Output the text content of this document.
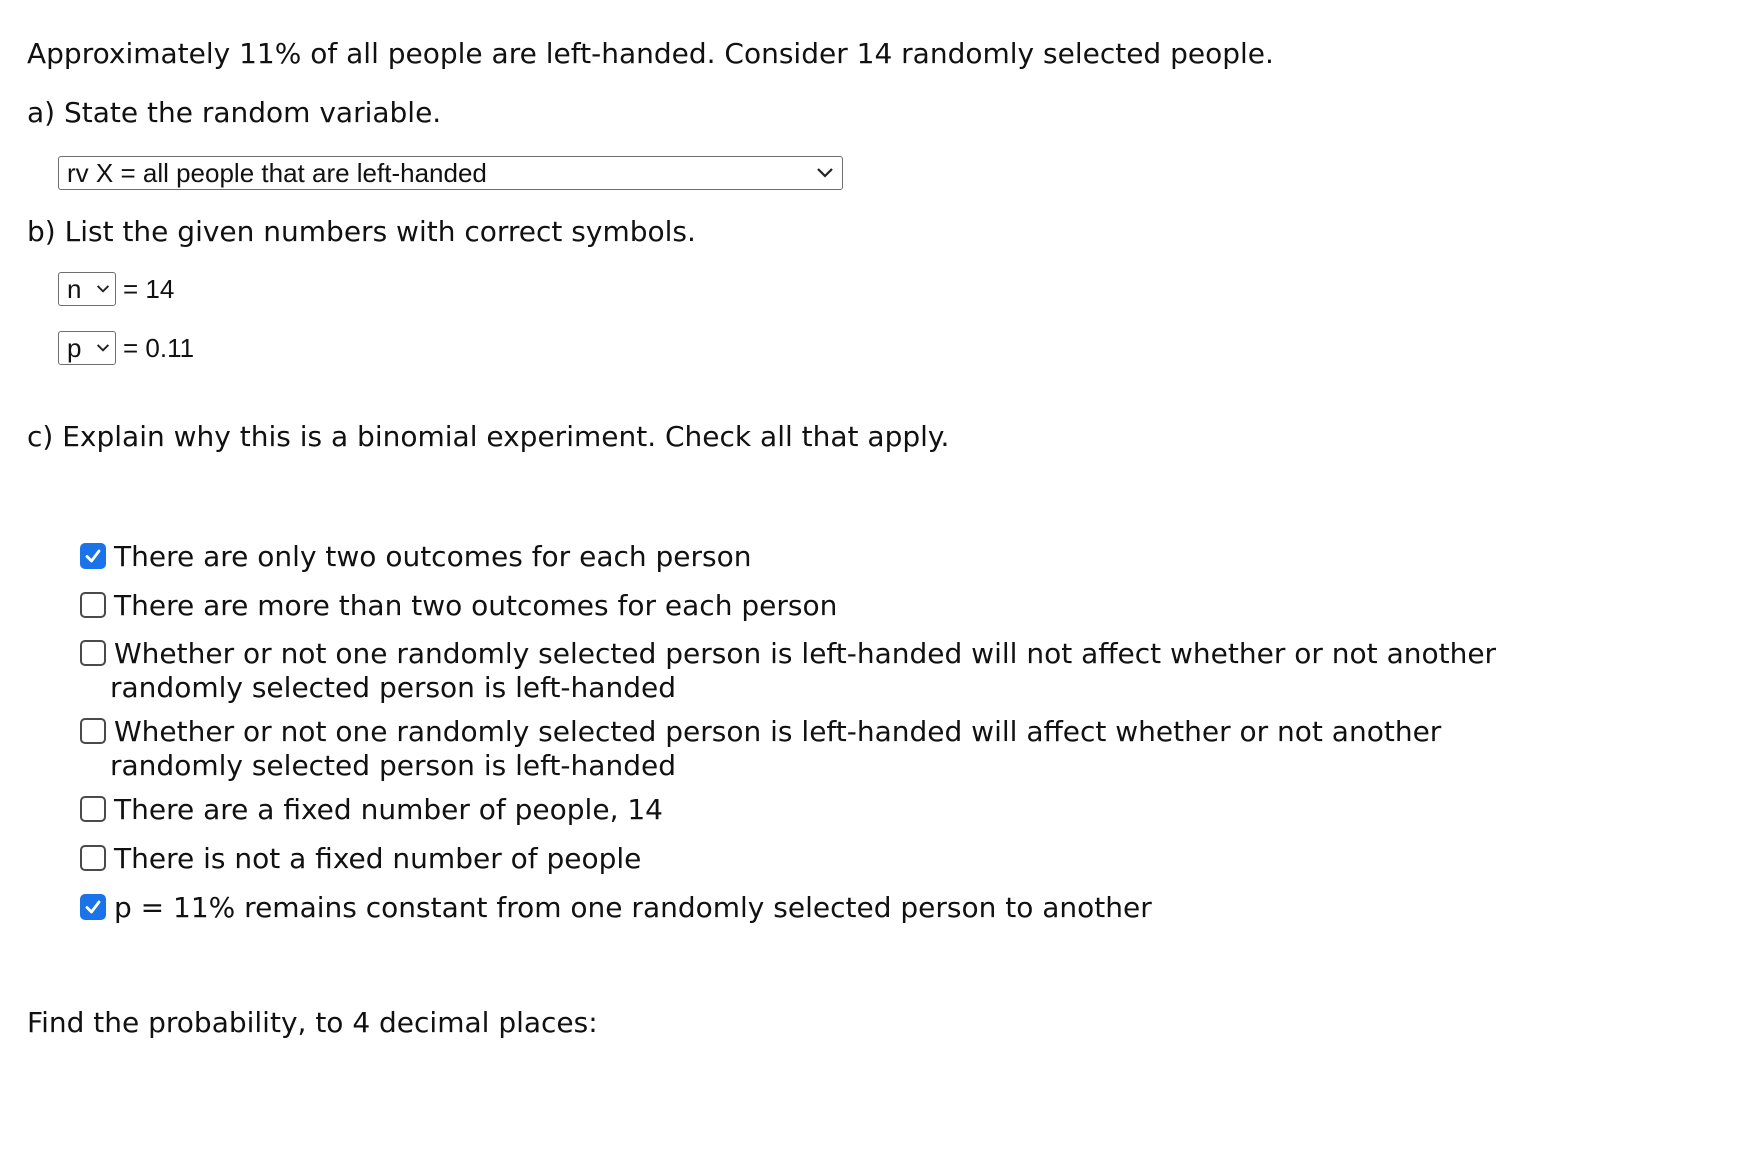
Approximately 11% of all people are left-handed. Consider 14 randomly selected people.
a) State the random variable.
rv X = all people that are left-handed
b) List the given numbers with correct symbols.
n	= 14
p	= 0.11
c) Explain why this is a binomial experiment. Check all that apply.
There are only two outcomes for each person
There are more than two outcomes for each person
Whether or not one randomly selected person is left-handed will not affect whether or not another
randomly selected person is left-handed
Whether or not one randomly selected person is left-handed will affect whether or not another
randomly selected person is left-handed
There are a fixed number of people, 14
There is not a fixed number of people
p = 11% remains constant from one randomly selected person to another
Find the probability, to 4 decimal places:
